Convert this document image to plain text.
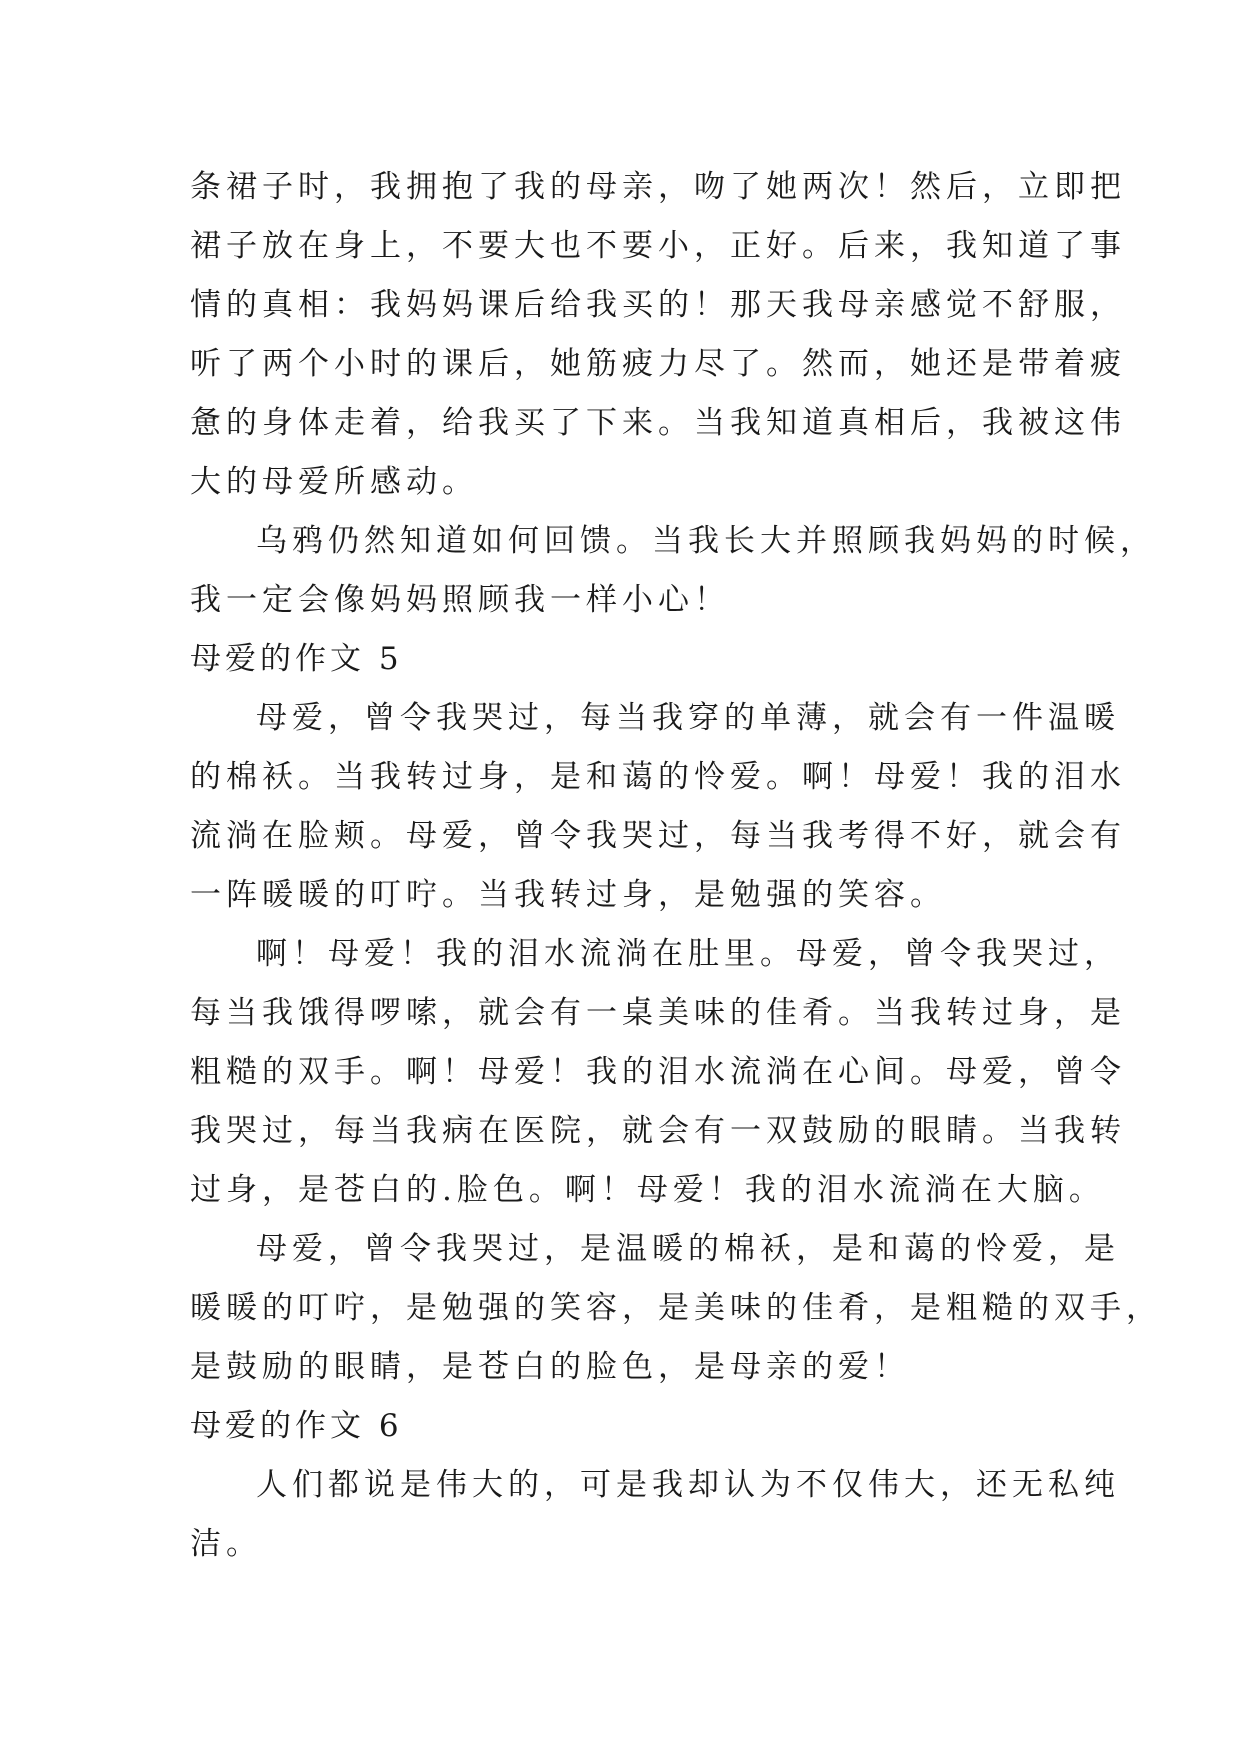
条裙子时，我拥抱了我的母亲，吻了她两次！然后，立即把
裙子放在身上，不要大也不要小，正好。后来，我知道了事
情的真相：我妈妈课后给我买的！那天我母亲感觉不舒服，
听了两个小时的课后，她筋疲力尽了。然而，她还是带着疲
惫的身体走着，给我买了下来。当我知道真相后，我被这伟
大的母爱所感动。
乌鸦仍然知道如何回馈。当我长大并照顾我妈妈的时候，
我一定会像妈妈照顾我一样小心！
母爱的作文 5
母爱，曾令我哭过，每当我穿的单薄，就会有一件温暖
的棉袄。当我转过身，是和蔼的怜爱。啊！母爱！我的泪水
流淌在脸颊。母爱，曾令我哭过，每当我考得不好，就会有
一阵暖暖的叮咛。当我转过身，是勉强的笑容。
啊！母爱！我的泪水流淌在肚里。母爱，曾令我哭过，
每当我饿得啰嗦，就会有一桌美味的佳肴。当我转过身，是
粗糙的双手。啊！母爱！我的泪水流淌在心间。母爱，曾令
我哭过，每当我病在医院，就会有一双鼓励的眼睛。当我转
过身，是苍白的.脸色。啊！母爱！我的泪水流淌在大脑。
母爱，曾令我哭过，是温暖的棉袄，是和蔼的怜爱，是
暖暖的叮咛，是勉强的笑容，是美味的佳肴，是粗糙的双手，
是鼓励的眼睛，是苍白的脸色，是母亲的爱！
母爱的作文 6
人们都说是伟大的，可是我却认为不仅伟大，还无私纯
洁。
